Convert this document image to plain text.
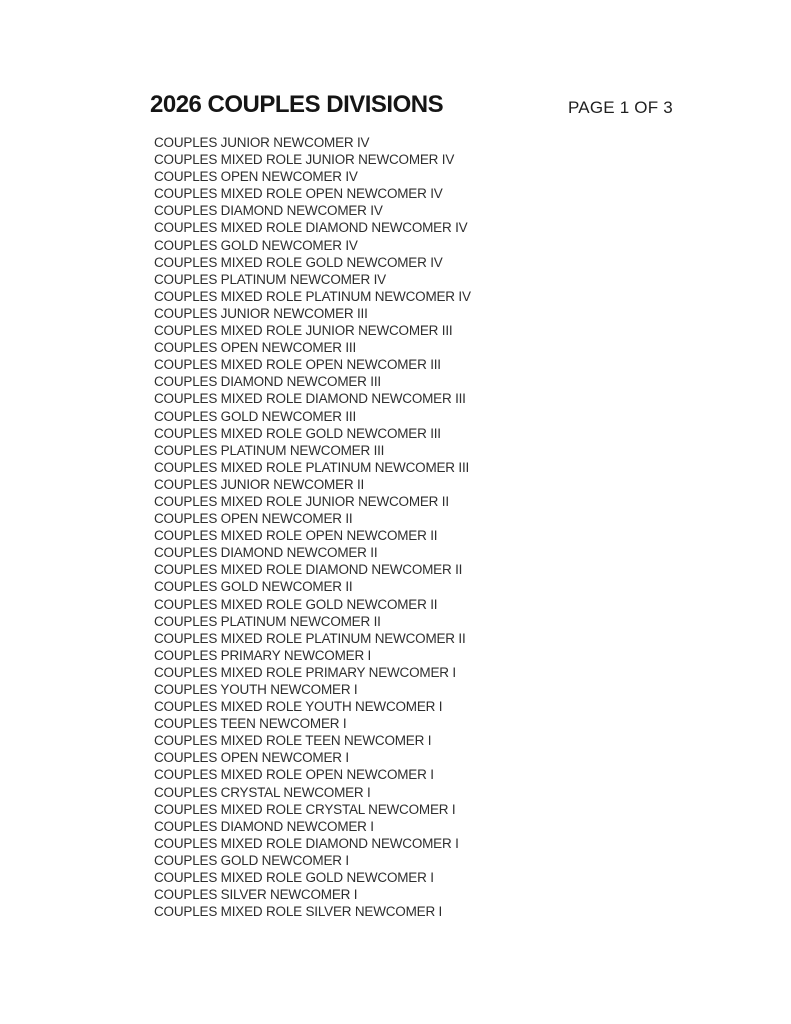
2026 COUPLES DIVISIONS	PAGE 1 OF 3
COUPLES JUNIOR NEWCOMER IV
COUPLES MIXED ROLE JUNIOR NEWCOMER IV
COUPLES OPEN NEWCOMER IV
COUPLES MIXED ROLE OPEN NEWCOMER IV
COUPLES DIAMOND NEWCOMER IV
COUPLES MIXED ROLE DIAMOND NEWCOMER IV
COUPLES GOLD NEWCOMER IV
COUPLES MIXED ROLE GOLD NEWCOMER IV
COUPLES PLATINUM NEWCOMER IV
COUPLES MIXED ROLE PLATINUM NEWCOMER IV
COUPLES JUNIOR NEWCOMER III
COUPLES MIXED ROLE JUNIOR NEWCOMER III
COUPLES OPEN NEWCOMER III
COUPLES MIXED ROLE OPEN NEWCOMER III
COUPLES DIAMOND NEWCOMER III
COUPLES MIXED ROLE DIAMOND NEWCOMER III
COUPLES GOLD NEWCOMER III
COUPLES MIXED ROLE GOLD NEWCOMER III
COUPLES PLATINUM NEWCOMER III
COUPLES MIXED ROLE PLATINUM NEWCOMER III
COUPLES JUNIOR NEWCOMER II
COUPLES MIXED ROLE JUNIOR NEWCOMER II
COUPLES OPEN NEWCOMER II
COUPLES MIXED ROLE OPEN NEWCOMER II
COUPLES DIAMOND NEWCOMER II
COUPLES MIXED ROLE DIAMOND NEWCOMER II
COUPLES GOLD NEWCOMER II
COUPLES MIXED ROLE GOLD NEWCOMER II
COUPLES PLATINUM NEWCOMER II
COUPLES MIXED ROLE PLATINUM NEWCOMER II
COUPLES PRIMARY NEWCOMER I
COUPLES MIXED ROLE PRIMARY NEWCOMER I
COUPLES YOUTH NEWCOMER I
COUPLES MIXED ROLE YOUTH NEWCOMER I
COUPLES TEEN NEWCOMER I
COUPLES MIXED ROLE TEEN NEWCOMER I
COUPLES OPEN NEWCOMER I
COUPLES MIXED ROLE OPEN NEWCOMER I
COUPLES CRYSTAL NEWCOMER I
COUPLES MIXED ROLE CRYSTAL NEWCOMER I
COUPLES DIAMOND NEWCOMER I
COUPLES MIXED ROLE DIAMOND NEWCOMER I
COUPLES GOLD NEWCOMER I
COUPLES MIXED ROLE GOLD NEWCOMER I
COUPLES SILVER NEWCOMER I
COUPLES MIXED ROLE SILVER NEWCOMER I
